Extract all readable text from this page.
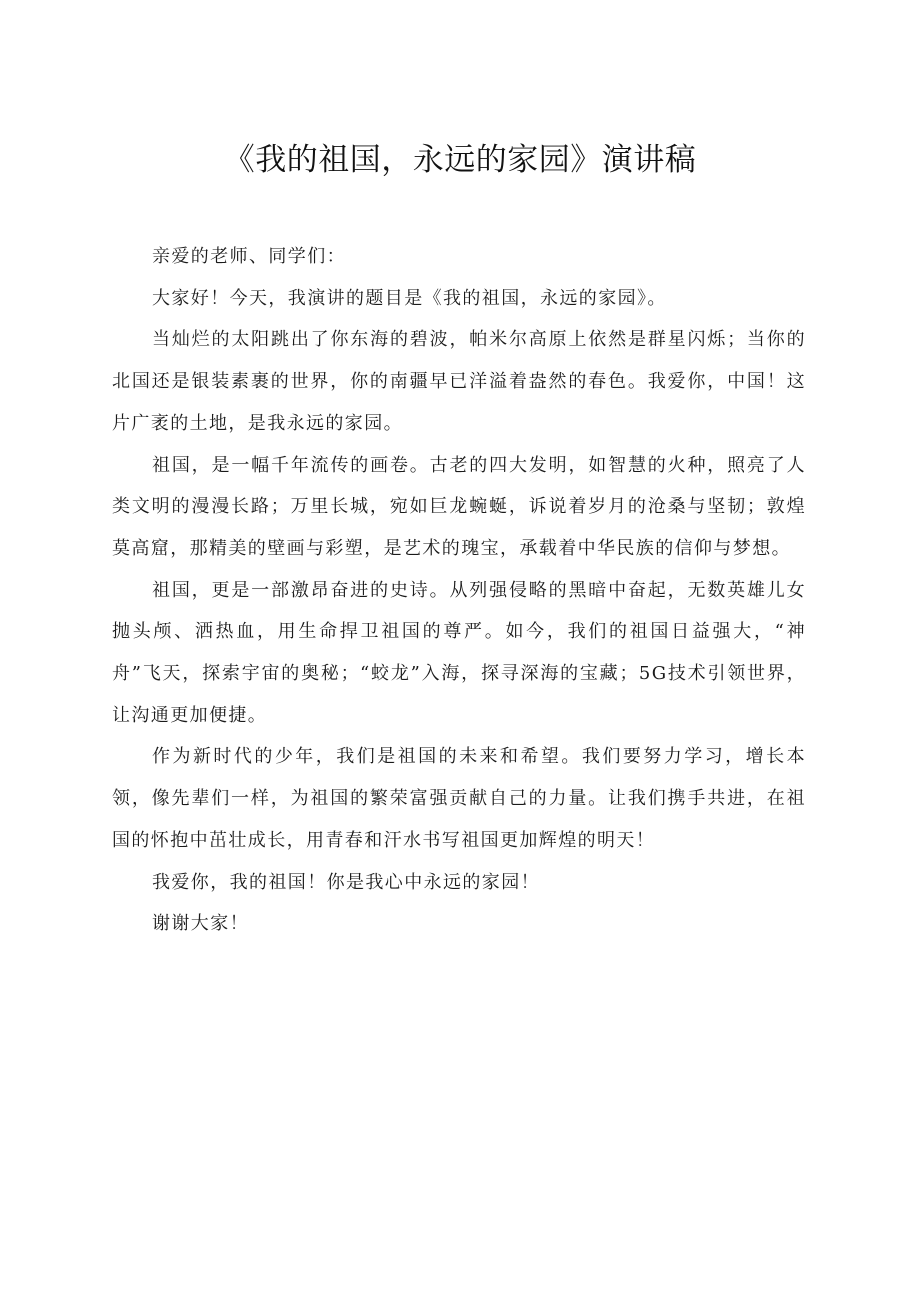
《我的祖国，永远的家园》演讲稿

亲爱的老师、同学们：

大家好！今天，我演讲的题目是《我的祖国，永远的家园》。

当灿烂的太阳跳出了你东海的碧波，帕米尔高原上依然是群星闪烁；当你的北国还是银装素裹的世界，你的南疆早已洋溢着盎然的春色。我爱你，中国！这片广袤的土地，是我永远的家园。

祖国，是一幅千年流传的画卷。古老的四大发明，如智慧的火种，照亮了人类文明的漫漫长路；万里长城，宛如巨龙蜿蜒，诉说着岁月的沧桑与坚韧；敦煌莫高窟，那精美的壁画与彩塑，是艺术的瑰宝，承载着中华民族的信仰与梦想。

祖国，更是一部激昂奋进的史诗。从列强侵略的黑暗中奋起，无数英雄儿女抛头颅、洒热血，用生命捍卫祖国的尊严。如今，我们的祖国日益强大，“神舟”飞天，探索宇宙的奥秘；“蛟龙”入海，探寻深海的宝藏；5G技术引领世界，让沟通更加便捷。

作为新时代的少年，我们是祖国的未来和希望。我们要努力学习，增长本领，像先辈们一样，为祖国的繁荣富强贡献自己的力量。让我们携手共进，在祖国的怀抱中茁壮成长，用青春和汗水书写祖国更加辉煌的明天！

我爱你，我的祖国！你是我心中永远的家园！

谢谢大家！
